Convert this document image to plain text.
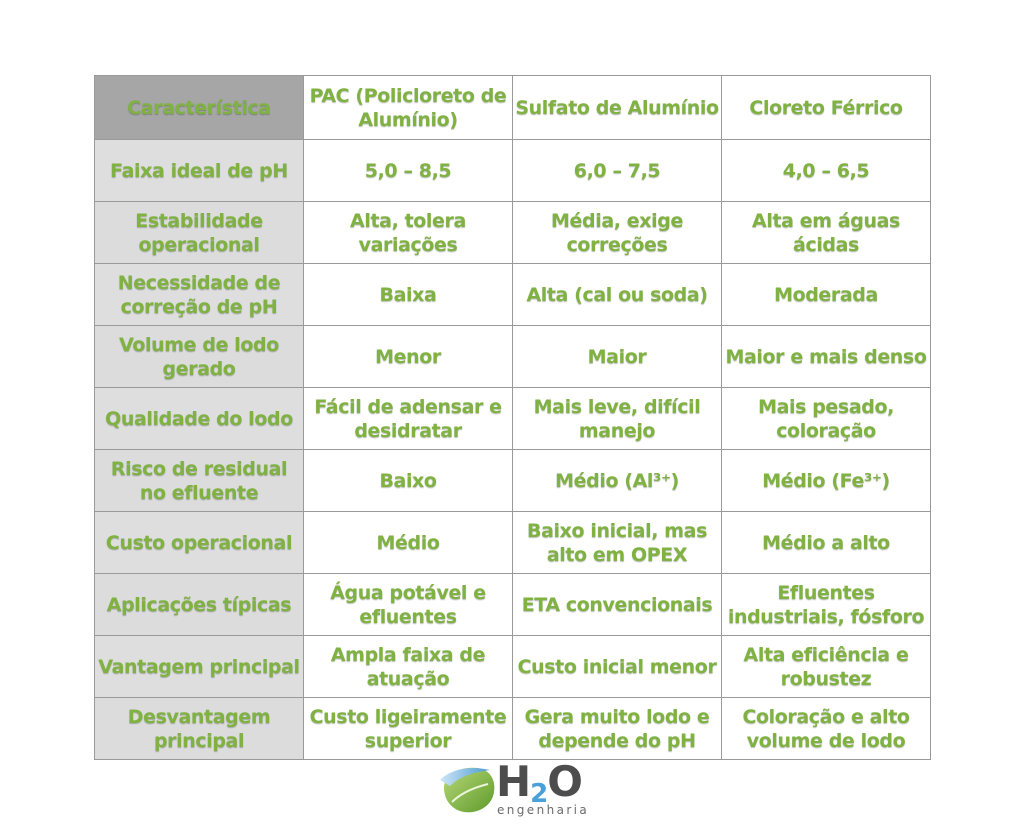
Característica	PAC (Policloreto de Alumínio)	Sulfato de Alumínio	Cloreto Férrico
Faixa ideal de pH	5,0 – 8,5	6,0 – 7,5	4,0 – 6,5
Estabilidade operacional	Alta, tolera variações	Média, exige correções	Alta em águas ácidas
Necessidade de correção de pH	Baixa	Alta (cal ou soda)	Moderada
Volume de lodo gerado	Menor	Maior	Maior e mais denso
Qualidade do lodo	Fácil de adensar e desidratar	Mais leve, difícil manejo	Mais pesado, coloração
Risco de residual no efluente	Baixo	Médio (Al³⁺)	Médio (Fe³⁺)
Custo operacional	Médio	Baixo inicial, mas alto em OPEX	Médio a alto
Aplicações típicas	Água potável e efluentes	ETA convencionais	Efluentes industriais, fósforo
Vantagem principal	Ampla faixa de atuação	Custo inicial menor	Alta eficiência e robustez
Desvantagem principal	Custo ligeiramente superior	Gera muito lodo e depende do pH	Coloração e alto volume de lodo
H2O
engenharia
